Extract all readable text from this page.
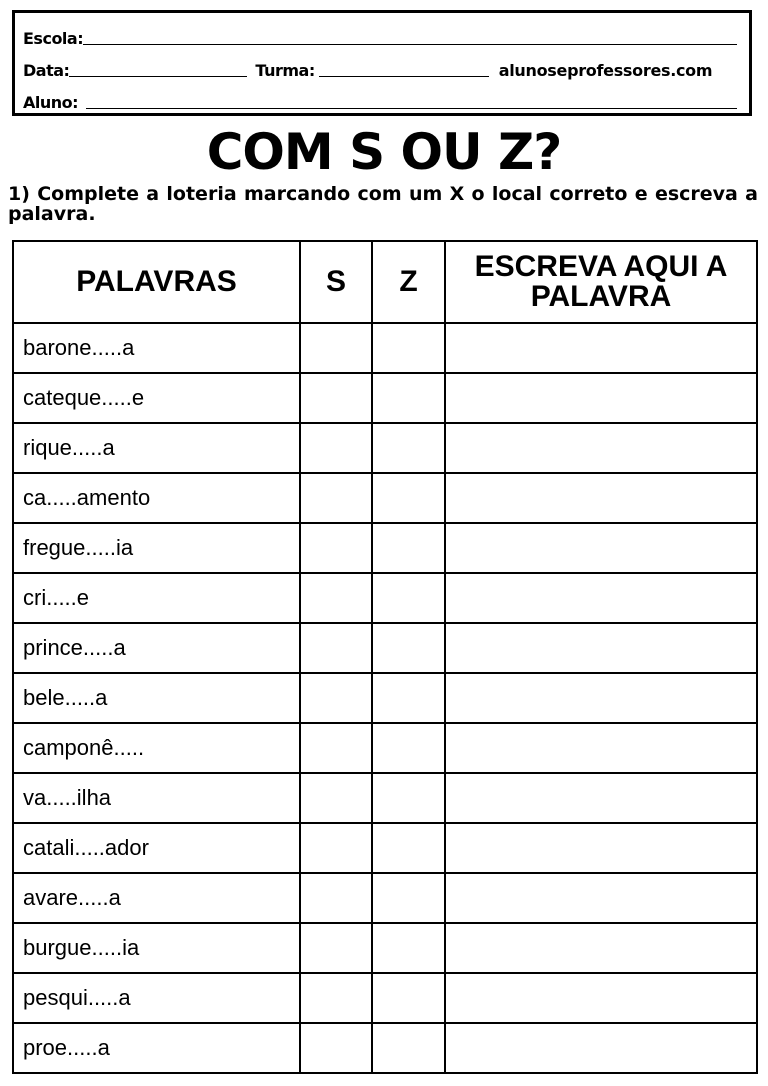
Escola:
Data:	Turma:	alunoseprofessores.com
Aluno:
COM S OU Z?
1) Complete a loteria marcando com um X o local correto e escreva a palavra.
PALAVRAS	S	Z	ESCREVA AQUI A PALAVRA
barone.....a			
cateque.....e			
rique.....a			
ca.....amento			
fregue.....ia			
cri.....e			
prince.....a			
bele.....a			
camponê.....			
va.....ilha			
catali.....ador			
avare.....a			
burgue.....ia			
pesqui.....a			
proe.....a			
